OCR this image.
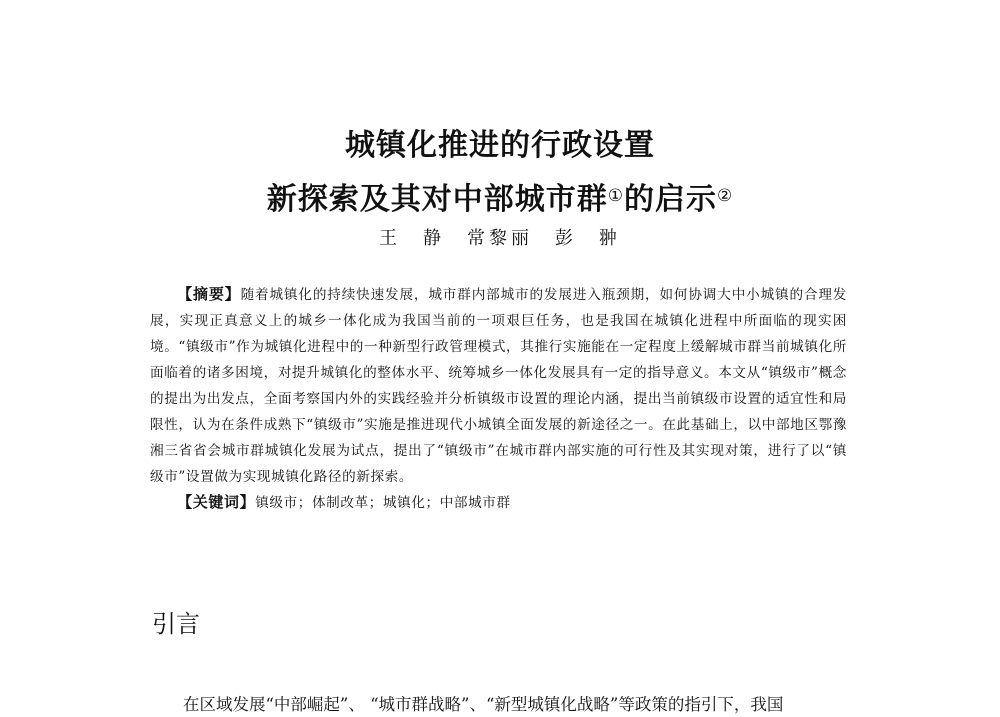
城镇化推进的行政设置
新探索及其对中部城市群①的启示②
王　静　常黎丽　彭　翀

【摘要】随着城镇化的持续快速发展，城市群内部城市的发展进入瓶颈期，如何协调大中小城镇的合理发展，实现正真意义上的城乡一体化成为我国当前的一项艰巨任务，也是我国在城镇化进程中所面临的现实困境。“镇级市”作为城镇化进程中的一种新型行政管理模式，其推行实施能在一定程度上缓解城市群当前城镇化所面临着的诸多困境，对提升城镇化的整体水平、统筹城乡一体化发展具有一定的指导意义。本文从“镇级市”概念的提出为出发点，全面考察国内外的实践经验并分析镇级市设置的理论内涵，提出当前镇级市设置的适宜性和局限性，认为在条件成熟下“镇级市”实施是推进现代小城镇全面发展的新途径之一。在此基础上，以中部地区鄂豫湘三省省会城市群城镇化发展为试点，提出了“镇级市”在城市群内部实施的可行性及其实现对策，进行了以“镇级市”设置做为实现城镇化路径的新探索。

【关键词】镇级市；体制改革；城镇化；中部城市群
引言
在区域发展“中部崛起”、 “城市群战略”、“新型城镇化战略”等政策的指引下，我国
